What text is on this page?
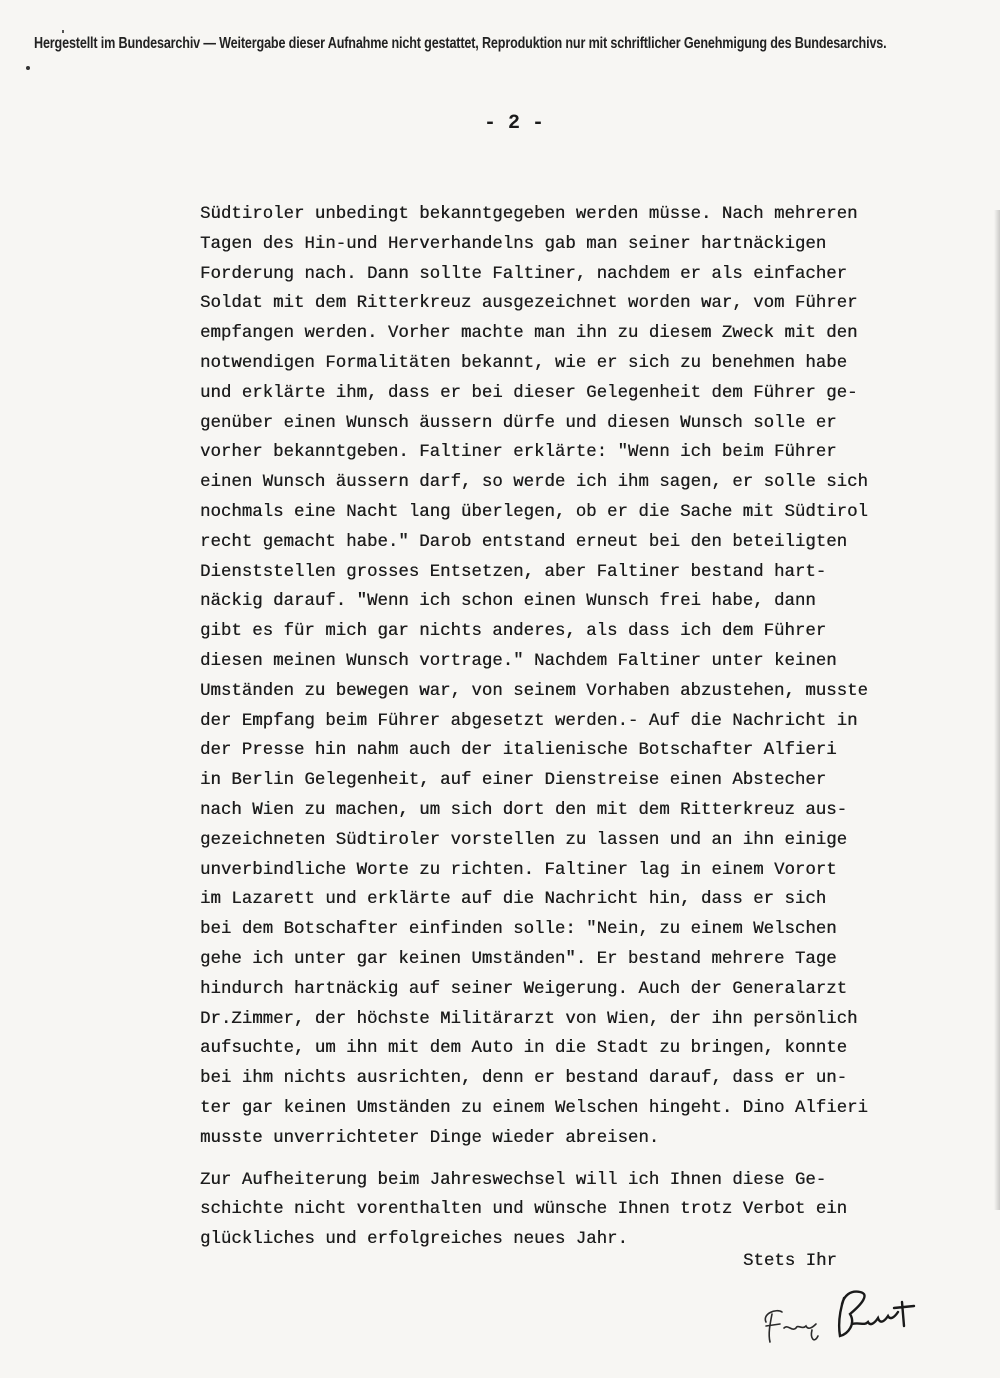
Hergestellt im Bundesarchiv — Weitergabe dieser Aufnahme nicht gestattet, Reproduktion nur mit schriftlicher Genehmigung des Bundesarchivs.
- 2 -
Südtiroler unbedingt bekanntgegeben werden müsse. Nach mehreren
Tagen des Hin-und Herverhandelns gab man seiner hartnäckigen
Forderung nach. Dann sollte Faltiner, nachdem er als einfacher
Soldat mit dem Ritterkreuz ausgezeichnet worden war, vom Führer
empfangen werden. Vorher machte man ihn zu diesem Zweck mit den
notwendigen Formalitäten bekannt, wie er sich zu benehmen habe
und erklärte ihm, dass er bei dieser Gelegenheit dem Führer ge-
genüber einen Wunsch äussern dürfe und diesen Wunsch solle er
vorher bekanntgeben. Faltiner erklärte: "Wenn ich beim Führer
einen Wunsch äussern darf, so werde ich ihm sagen, er solle sich
nochmals eine Nacht lang überlegen, ob er die Sache mit Südtirol
recht gemacht habe." Darob entstand erneut bei den beteiligten
Dienststellen grosses Entsetzen, aber Faltiner bestand hart-
näckig darauf. "Wenn ich schon einen Wunsch frei habe, dann
gibt es für mich gar nichts anderes, als dass ich dem Führer
diesen meinen Wunsch vortrage." Nachdem Faltiner unter keinen
Umständen zu bewegen war, von seinem Vorhaben abzustehen, musste
der Empfang beim Führer abgesetzt werden.- Auf die Nachricht in
der Presse hin nahm auch der italienische Botschafter Alfieri
in Berlin Gelegenheit, auf einer Dienstreise einen Abstecher
nach Wien zu machen, um sich dort den mit dem Ritterkreuz aus-
gezeichneten Südtiroler vorstellen zu lassen und an ihn einige
unverbindliche Worte zu richten. Faltiner lag in einem Vorort
im Lazarett und erklärte auf die Nachricht hin, dass er sich
bei dem Botschafter einfinden solle: "Nein, zu einem Welschen
gehe ich unter gar keinen Umständen". Er bestand mehrere Tage
hindurch hartnäckig auf seiner Weigerung. Auch der Generalarzt
Dr.Zimmer, der höchste Militärarzt von Wien, der ihn persönlich
aufsuchte, um ihn mit dem Auto in die Stadt zu bringen, konnte
bei ihm nichts ausrichten, denn er bestand darauf, dass er un-
ter gar keinen Umständen zu einem Welschen hingeht. Dino Alfieri
musste unverrichteter Dinge wieder abreisen.
Zur Aufheiterung beim Jahreswechsel will ich Ihnen diese Ge-
schichte nicht vorenthalten und wünsche Ihnen trotz Verbot ein
glückliches und erfolgreiches neues Jahr.
Stets Ihr
